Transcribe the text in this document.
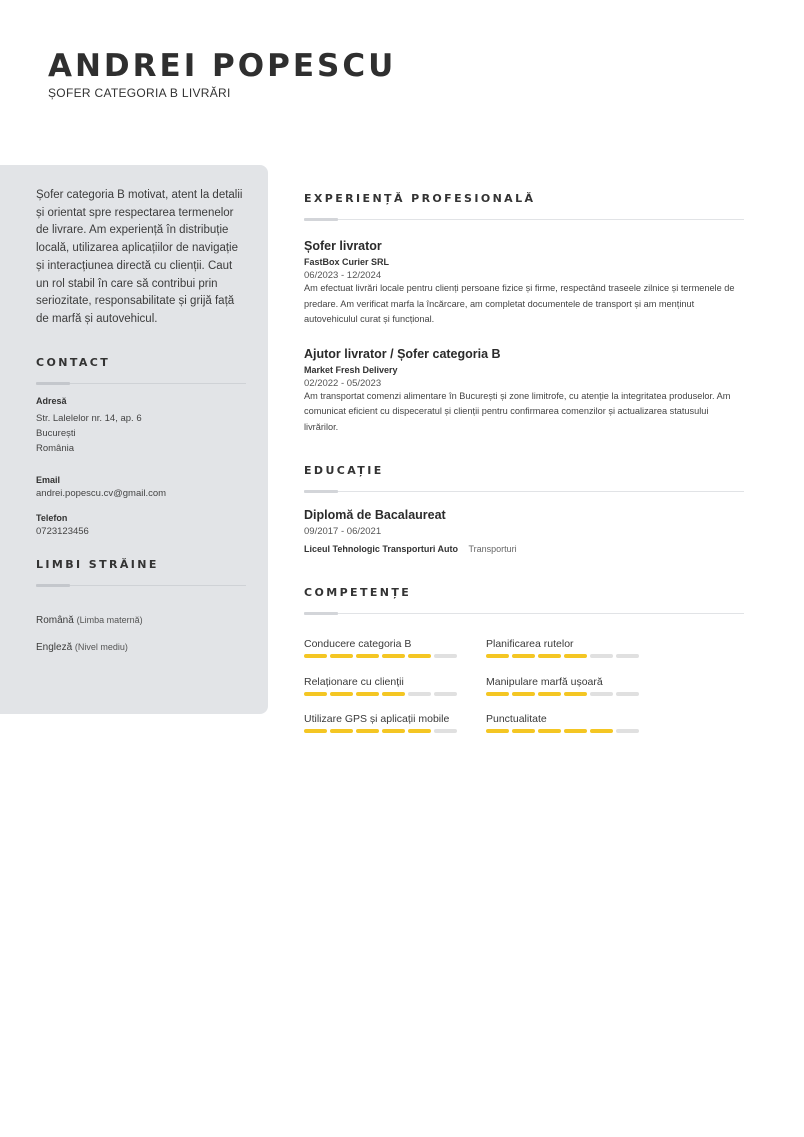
ANDREI POPESCU
ȘOFER CATEGORIA B LIVRĂRI

Șofer categoria B motivat, atent la detalii și orientat spre respectarea termenelor de livrare. Am experiență în distribuție locală, utilizarea aplicațiilor de navigație și interacțiunea directă cu clienții. Caut un rol stabil în care să contribui prin seriozitate, responsabilitate și grijă față de marfă și autovehicul.

CONTACT

Adresă

Str. Lalelelor nr. 14, ap. 6

București

România

Email

andrei.popescu.cv@gmail.com

Telefon

0723123456

LIMBI STRĂINE
Română (Limba maternă)
Engleză (Nivel mediu)
EXPERIENȚĂ PROFESIONALĂ

Șofer livrator

FastBox Curier SRL

06/2023 - 12/2024

Am efectuat livrări locale pentru clienți persoane fizice și firme, respectând traseele zilnice și termenele de predare. Am verificat marfa la încărcare, am completat documentele de transport și am menținut autovehiculul curat și funcțional.

Ajutor livrator / Șofer categoria B

Market Fresh Delivery

02/2022 - 05/2023

Am transportat comenzi alimentare în București și zone limitrofe, cu atenție la integritatea produselor. Am comunicat eficient cu dispeceratul și clienții pentru confirmarea comenzilor și actualizarea statusului livrărilor.

EDUCAȚIE

Diplomă de Bacalaureat

09/2017 - 06/2021

Liceul Tehnologic Transporturi Auto Transporturi
COMPETENȚE

Conducere categoria B	Planificarea rutelor

Relaționare cu clienții	Manipulare marfă ușoară

Utilizare GPS și aplicații mobile	Punctualitate
